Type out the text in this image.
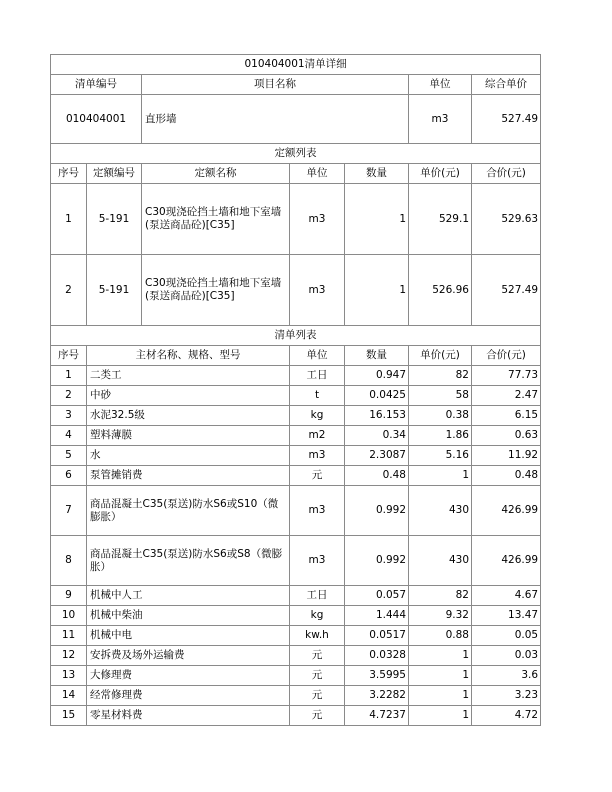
010404001清单详细						
清单编号		项目名称			单位	综合单价
010404001		直形墙			m3	527.49
定额列表						
序号	定额编号	定额名称	单位	数量	单价(元)	合价(元)
1	5-191	C30现浇砼挡土墙和地下室墙(泵送商品砼)[C35]	m3	1	529.1	529.63
2	5-191	C30现浇砼挡土墙和地下室墙(泵送商品砼)[C35]	m3	1	526.96	527.49
清单列表						
序号	主材名称、规格、型号		单位	数量	单价(元)	合价(元)
1	二类工		工日	0.947	82	77.73
2	中砂		t	0.0425	58	2.47
3	水泥32.5级		kg	16.153	0.38	6.15
4	塑料薄膜		m2	0.34	1.86	0.63
5	水		m3	2.3087	5.16	11.92
6	泵管摊销费		元	0.48	1	0.48
7	商品混凝土C35(泵送)防水S6或S10（微膨胀）		m3	0.992	430	426.99
8	商品混凝土C35(泵送)防水S6或S8（微膨胀）		m3	0.992	430	426.99
9	机械中人工		工日	0.057	82	4.67
10	机械中柴油		kg	1.444	9.32	13.47
11	机械中电		kw.h	0.0517	0.88	0.05
12	安拆费及场外运输费		元	0.0328	1	0.03
13	大修理费		元	3.5995	1	3.6
14	经常修理费		元	3.2282	1	3.23
15	零星材料费		元	4.7237	1	4.72
